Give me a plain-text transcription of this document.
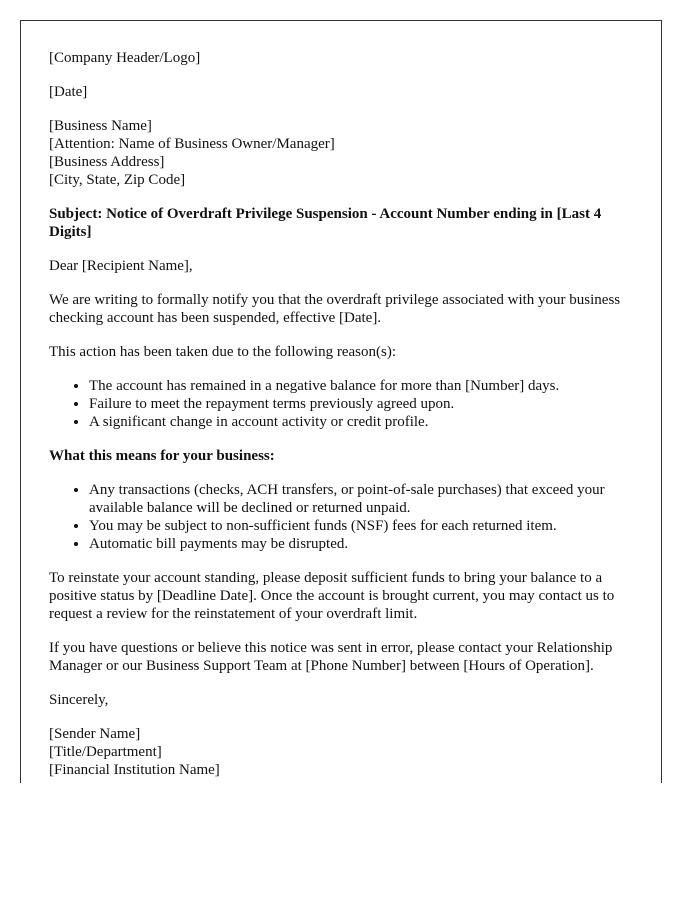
[Company Header/Logo]

[Date]

[Business Name]
[Attention: Name of Business Owner/Manager]
[Business Address]
[City, State, Zip Code]

Subject: Notice of Overdraft Privilege Suspension - Account Number ending in [Last 4 Digits]

Dear [Recipient Name],

We are writing to formally notify you that the overdraft privilege associated with your business checking account has been suspended, effective [Date].

This action has been taken due to the following reason(s):

• The account has remained in a negative balance for more than [Number] days.
• Failure to meet the repayment terms previously agreed upon.
• A significant change in account activity or credit profile.

What this means for your business:

• Any transactions (checks, ACH transfers, or point-of-sale purchases) that exceed your available balance will be declined or returned unpaid.
• You may be subject to non-sufficient funds (NSF) fees for each returned item.
• Automatic bill payments may be disrupted.

To reinstate your account standing, please deposit sufficient funds to bring your balance to a positive status by [Deadline Date]. Once the account is brought current, you may contact us to request a review for the reinstatement of your overdraft limit.

If you have questions or believe this notice was sent in error, please contact your Relationship Manager or our Business Support Team at [Phone Number] between [Hours of Operation].

Sincerely,

[Sender Name]
[Title/Department]
[Financial Institution Name]
